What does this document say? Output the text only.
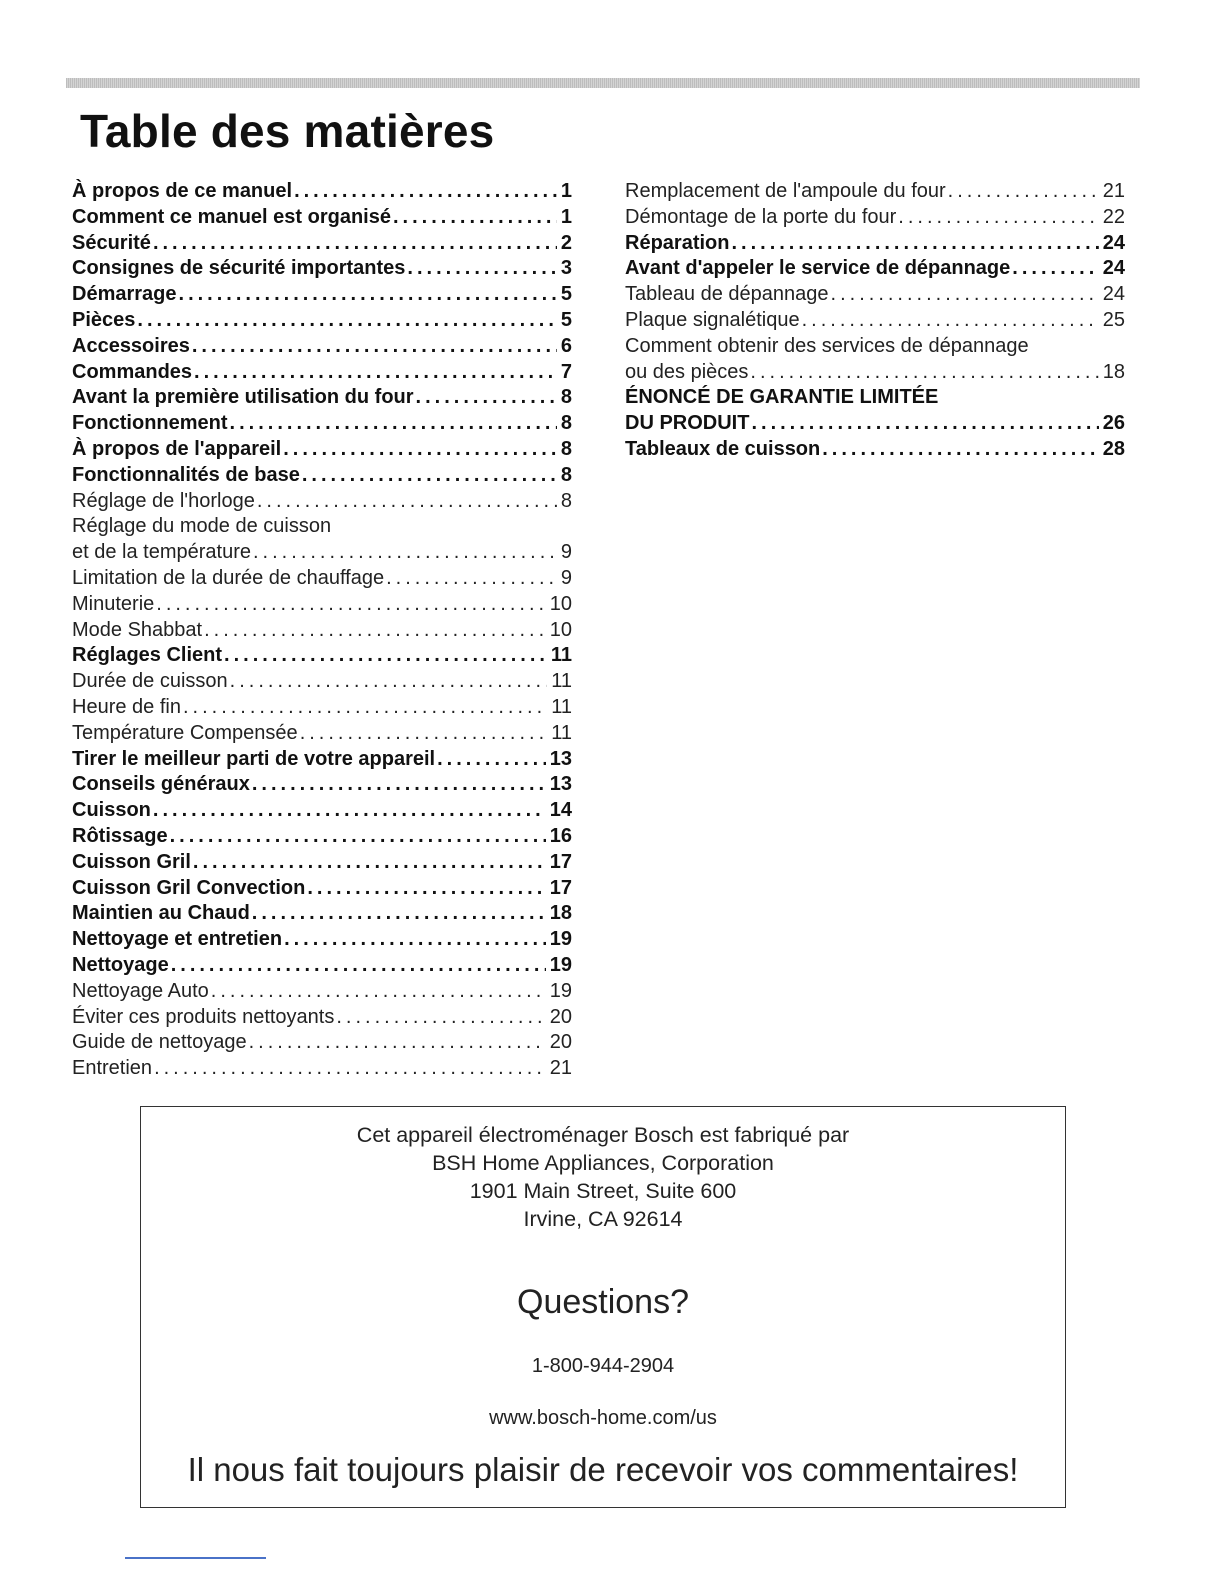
Table des matières
À propos de ce manuel .....	1
Comment ce manuel est organisé .....	1
Sécurité .....	2
Consignes de sécurité importantes .....	3
Démarrage .....	5
Pièces .....	5
Accessoires .....	6
Commandes .....	7
Avant la première utilisation du four .....	8
Fonctionnement .....	8
À propos de l'appareil .....	8
Fonctionnalités de base .....	8
Réglage de l'horloge .....	8
Réglage du mode de cuisson
et de la température .....	9
Limitation de la durée de chauffage .....	9
Minuterie .....	10
Mode Shabbat .....	10
Réglages Client .....	11
Durée de cuisson .....	11
Heure de fin .....	11
Température Compensée .....	11
Tirer le meilleur parti de votre appareil .....	13
Conseils généraux .....	13
Cuisson .....	14
Rôtissage .....	16
Cuisson Gril .....	17
Cuisson Gril Convection .....	17
Maintien au Chaud .....	18
Nettoyage et entretien .....	19
Nettoyage .....	19
Nettoyage Auto .....	19
Éviter ces produits nettoyants .....	20
Guide de nettoyage .....	20
Entretien .....	21
Remplacement de l'ampoule du four .....	21
Démontage de la porte du four .....	22
Réparation .....	24
Avant d'appeler le service de dépannage .....	24
Tableau de dépannage .....	24
Plaque signalétique .....	25
Comment obtenir des services de dépannage
ou des pièces .....	18
ÉNONCÉ DE GARANTIE LIMITÉE
DU PRODUIT .....	26
Tableaux de cuisson .....	28
Cet appareil électroménager Bosch est fabriqué par
BSH Home Appliances, Corporation
1901 Main Street, Suite 600
Irvine, CA 92614
Questions?
1-800-944-2904
www.bosch-home.com/us
Il nous fait toujours plaisir de recevoir vos commentaires!
